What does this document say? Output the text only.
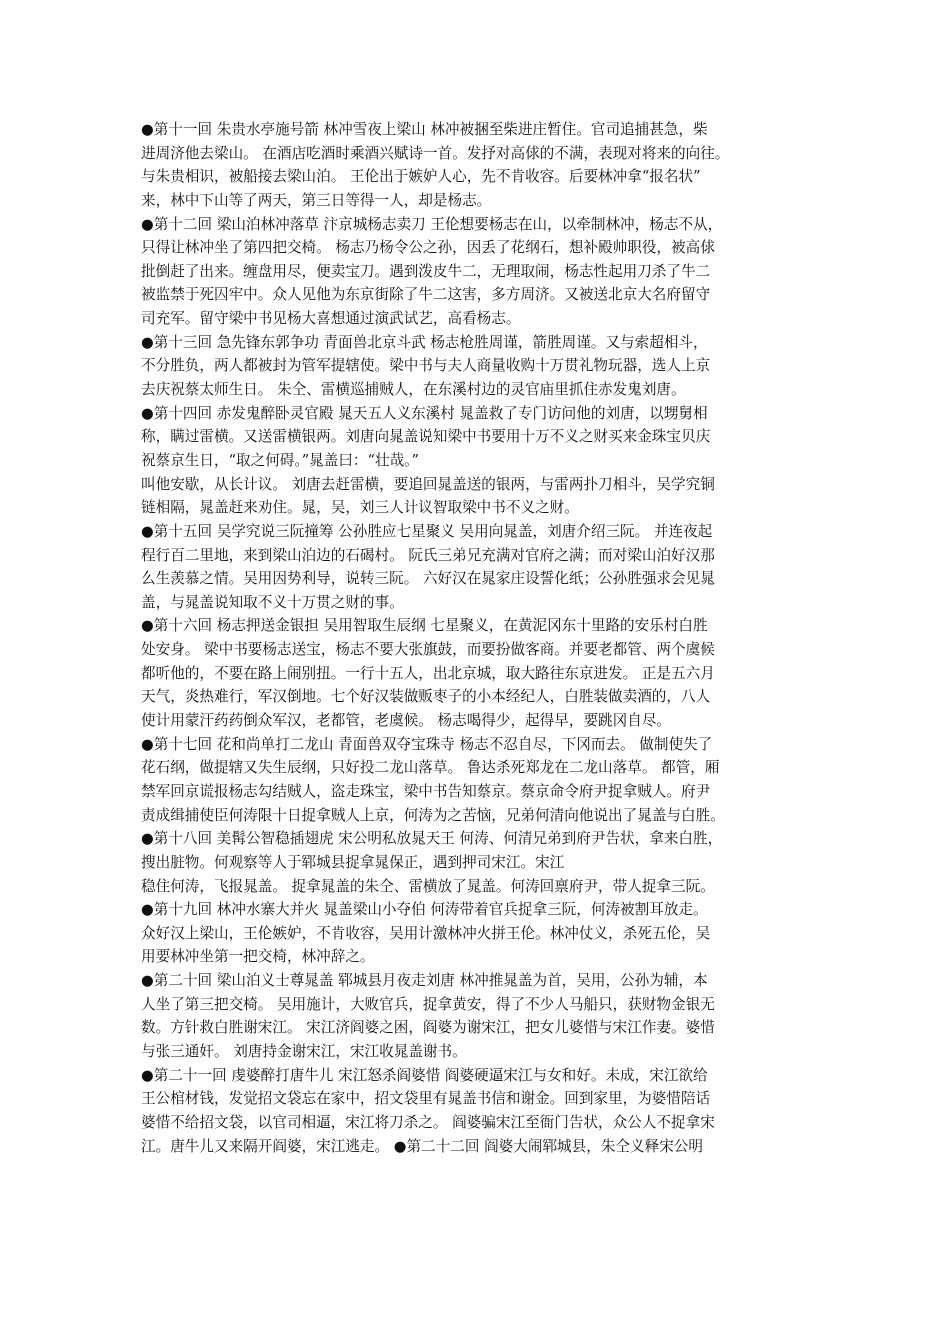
●第十一回 朱贵水亭施号箭 林冲雪夜上梁山 林冲被捆至柴进庄暂住。官司追捕甚急，柴
进周济他去梁山。 在酒店吃酒时乘酒兴赋诗一首。发抒对高俅的不满，表现对将来的向往。
与朱贵相识，被船接去梁山泊。 王伦出于嫉妒人心，先不肯收容。后要林冲拿“报名状”
来，林中下山等了两天，第三日等得一人，却是杨志。
●第十二回 梁山泊林冲落草 汴京城杨志卖刀 王伦想要杨志在山，以牵制林冲，杨志不从，
只得让林冲坐了第四把交椅。 杨志乃杨令公之孙，因丢了花纲石，想补殿帅职役，被高俅
批倒赶了出来。缠盘用尽，便卖宝刀。遇到泼皮牛二，无理取闹，杨志性起用刀杀了牛二
被监禁于死囚牢中。众人见他为东京街除了牛二这害，多方周济。又被送北京大名府留守
司充军。留守梁中书见杨大喜想通过演武试艺，高看杨志。
●第十三回 急先锋东郭争功 青面兽北京斗武 杨志枪胜周谨，箭胜周谨。又与索超相斗，
不分胜负，两人都被封为管军提辖使。梁中书与夫人商量收购十万贯礼物玩器，选人上京
去庆祝蔡太师生日。 朱仝、雷横巡捕贼人，在东溪村边的灵官庙里抓住赤发鬼刘唐。
●第十四回 赤发鬼醉卧灵官殿 晁天五人义东溪村 晁盖救了专门访问他的刘唐，以甥舅相
称，瞒过雷横。又送雷横银两。刘唐向晁盖说知梁中书要用十万不义之财买来金珠宝贝庆
祝蔡京生日，“取之何碍。”晁盖曰：“壮哉。”
叫他安歇，从长计议。 刘唐去赶雷横，要追回晁盖送的银两，与雷两扑刀相斗，吴学究铜
链相隔，晁盖赶来劝住。晁，吴，刘三人计议智取梁中书不义之财。
●第十五回 吴学究说三阮撞筹 公孙胜应七星聚义 吴用向晁盖，刘唐介绍三阮。 并连夜起
程行百二里地，来到梁山泊边的石碣村。 阮氏三弟兄充满对官府之满；而对梁山泊好汉那
么生羡慕之情。吴用因势利导，说转三阮。 六好汉在晁家庄设誓化纸；公孙胜强求会见晁
盖，与晁盖说知取不义十万贯之财的事。
●第十六回 杨志押送金银担 吴用智取生辰纲 七星聚义，在黄泥冈东十里路的安乐村白胜
处安身。 梁中书要杨志送宝，杨志不要大张旗鼓，而要扮做客商。并要老都管、两个虞候
都听他的，不要在路上闹别扭。一行十五人，出北京城，取大路往东京进发。 正是五六月
天气，炎热难行，军汉倒地。七个好汉装做贩枣子的小本经纪人，白胜装做卖酒的，八人
使计用蒙汗药药倒众军汉，老都管，老虞候。 杨志喝得少，起得早，要跳冈自尽。
●第十七回 花和尚单打二龙山 青面兽双夺宝珠寺 杨志不忍自尽，下冈而去。 做制使失了
花石纲，做提辖又失生辰纲，只好投二龙山落草。 鲁达杀死郑龙在二龙山落草。 都管，厢
禁军回京谎报杨志勾结贼人，盗走珠宝，梁中书告知蔡京。蔡京命令府尹捉拿贼人。府尹
责成缉捕使臣何涛限十日捉拿贼人上京，何涛为之苦恼，兄弟何清向他说出了晁盖与白胜。
●第十八回 美髯公智稳插翅虎 宋公明私放晁天王 何涛、何清兄弟到府尹告状，拿来白胜，
搜出脏物。何观察等人于郓城县捉拿晁保正，遇到押司宋江。宋江
稳住何涛，飞报晁盖。 捉拿晁盖的朱仝、雷横放了晁盖。何涛回禀府尹，带人捉拿三阮。
●第十九回 林冲水寨大并火 晁盖梁山小夺伯 何涛带着官兵捉拿三阮，何涛被割耳放走。
众好汉上梁山，王伦嫉妒，不肯收容，吴用计激林冲火拼王伦。林冲仗义，杀死五伦，吴
用要林冲坐第一把交椅，林冲辞之。
●第二十回 梁山泊义士尊晁盖 郓城县月夜走刘唐 林冲推晁盖为首，吴用，公孙为辅，本
人坐了第三把交椅。 吴用施计，大败官兵，捉拿黄安，得了不少人马船只，获财物金银无
数。方针救白胜谢宋江。 宋江济阎婆之困，阎婆为谢宋江，把女儿婆惜与宋江作妻。婆惜
与张三通奸。 刘唐持金谢宋江，宋江收晁盖谢书。
●第二十一回 虔婆醉打唐牛儿 宋江怒杀阎婆惜 阎婆硬逼宋江与女和好。未成，宋江欲给
王公棺材钱，发觉招文袋忘在家中，招文袋里有晁盖书信和谢金。回到家里，为婆惜陪话
婆惜不给招文袋，以官司相逼，宋江将刀杀之。 阎婆骗宋江至衙门告状，众公人不捉拿宋
江。唐牛儿又来隔开阎婆，宋江逃走。 ●第二十二回 阎婆大闹郓城县，朱仝义释宋公明
